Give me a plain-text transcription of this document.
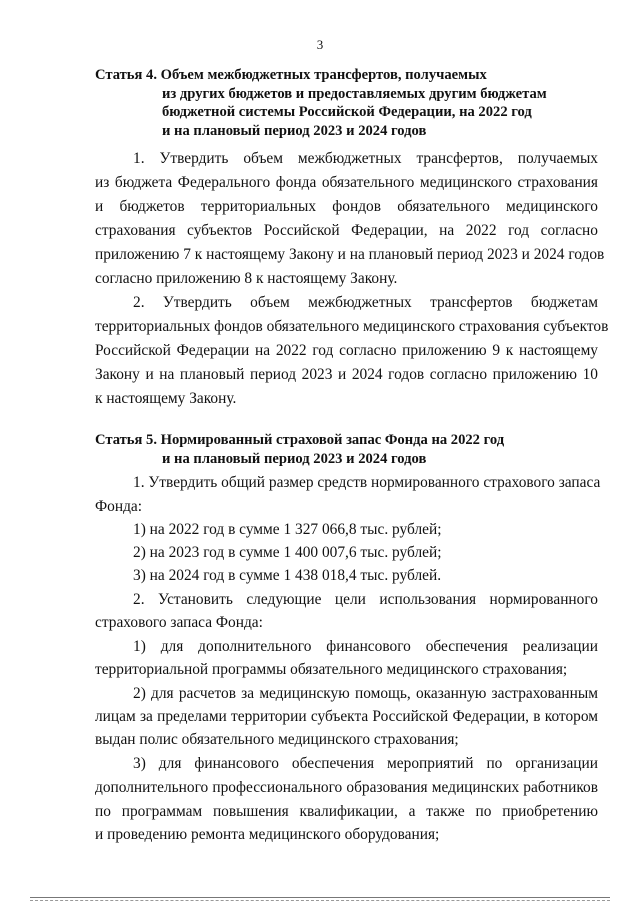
3
Статья 4. Объем межбюджетных трансфертов, получаемых
из других бюджетов и предоставляемых другим бюджетам
бюджетной системы Российской Федерации, на 2022 год
и на плановый период 2023 и 2024 годов
1. Утвердить объем межбюджетных трансфертов, получаемых
из бюджета Федерального фонда обязательного медицинского страхования
и бюджетов территориальных фондов обязательного медицинского
страхования субъектов Российской Федерации, на 2022 год согласно
приложению 7 к настоящему Закону и на плановый период 2023 и 2024 годов
согласно приложению 8 к настоящему Закону.
2. Утвердить объем межбюджетных трансфертов бюджетам
территориальных фондов обязательного медицинского страхования субъектов
Российской Федерации на 2022 год согласно приложению 9 к настоящему
Закону и на плановый период 2023 и 2024 годов согласно приложению 10
к настоящему Закону.
Статья 5. Нормированный страховой запас Фонда на 2022 год
и на плановый период 2023 и 2024 годов
1. Утвердить общий размер средств нормированного страхового запаса
Фонда:
1) на 2022 год в сумме 1 327 066,8 тыс. рублей;
2) на 2023 год в сумме 1 400 007,6 тыс. рублей;
3) на 2024 год в сумме 1 438 018,4 тыс. рублей.
2. Установить следующие цели использования нормированного
страхового запаса Фонда:
1) для дополнительного финансового обеспечения реализации
территориальной программы обязательного медицинского страхования;
2) для расчетов за медицинскую помощь, оказанную застрахованным
лицам за пределами территории субъекта Российской Федерации, в котором
выдан полис обязательного медицинского страхования;
3) для финансового обеспечения мероприятий по организации
дополнительного профессионального образования медицинских работников
по программам повышения квалификации, а также по приобретению
и проведению ремонта медицинского оборудования;
